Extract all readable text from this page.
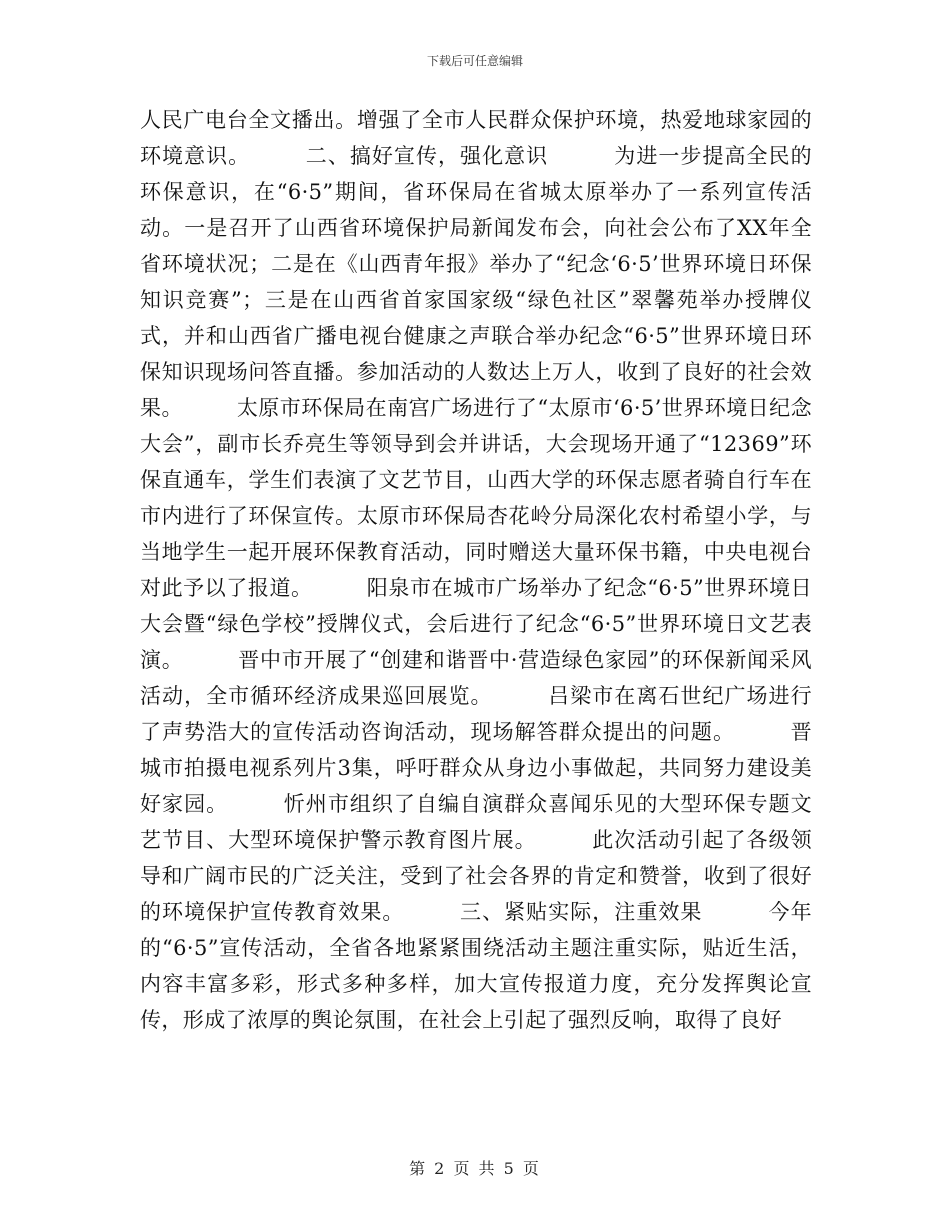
下载后可任意编辑

人民广电台全文播出。增强了全市人民群众保护环境，热爱地球家园的环境意识。　　　二、搞好宣传，强化意识　　　为进一步提高全民的环保意识，在“6·5”期间，省环保局在省城太原举办了一系列宣传活动。一是召开了山西省环境保护局新闻发布会，向社会公布了XX年全省环境状况；二是在《山西青年报》举办了“纪念‘6·5’世界环境日环保知识竞赛”；三是在山西省首家国家级“绿色社区”翠馨苑举办授牌仪式，并和山西省广播电视台健康之声联合举办纪念“6·5”世界环境日环保知识现场问答直播。参加活动的人数达上万人，收到了良好的社会效果。　　　太原市环保局在南宫广场进行了“太原市‘6·5’世界环境日纪念大会”，副市长乔亮生等领导到会并讲话，大会现场开通了“12369”环保直通车，学生们表演了文艺节目，山西大学的环保志愿者骑自行车在市内进行了环保宣传。太原市环保局杏花岭分局深化农村希望小学，与当地学生一起开展环保教育活动，同时赠送大量环保书籍，中央电视台对此予以了报道。　　　阳泉市在城市广场举办了纪念“6·5”世界环境日大会暨“绿色学校”授牌仪式，会后进行了纪念“6·5”世界环境日文艺表演。　　　晋中市开展了“创建和谐晋中·营造绿色家园”的环保新闻采风活动，全市循环经济成果巡回展览。　　　吕梁市在离石世纪广场进行了声势浩大的宣传活动咨询活动，现场解答群众提出的问题。　　　晋城市拍摄电视系列片3集，呼吁群众从身边小事做起，共同努力建设美好家园。　　　忻州市组织了自编自演群众喜闻乐见的大型环保专题文艺节目、大型环境保护警示教育图片展。　　　此次活动引起了各级领导和广阔市民的广泛关注，受到了社会各界的肯定和赞誉，收到了很好的环境保护宣传教育效果。　　　三、紧贴实际，注重效果　　　今年的“6·5”宣传活动，全省各地紧紧围绕活动主题注重实际，贴近生活，内容丰富多彩，形式多种多样，加大宣传报道力度，充分发挥舆论宣传，形成了浓厚的舆论氛围，在社会上引起了强烈反响，取得了良好

第 2 页 共 5 页
